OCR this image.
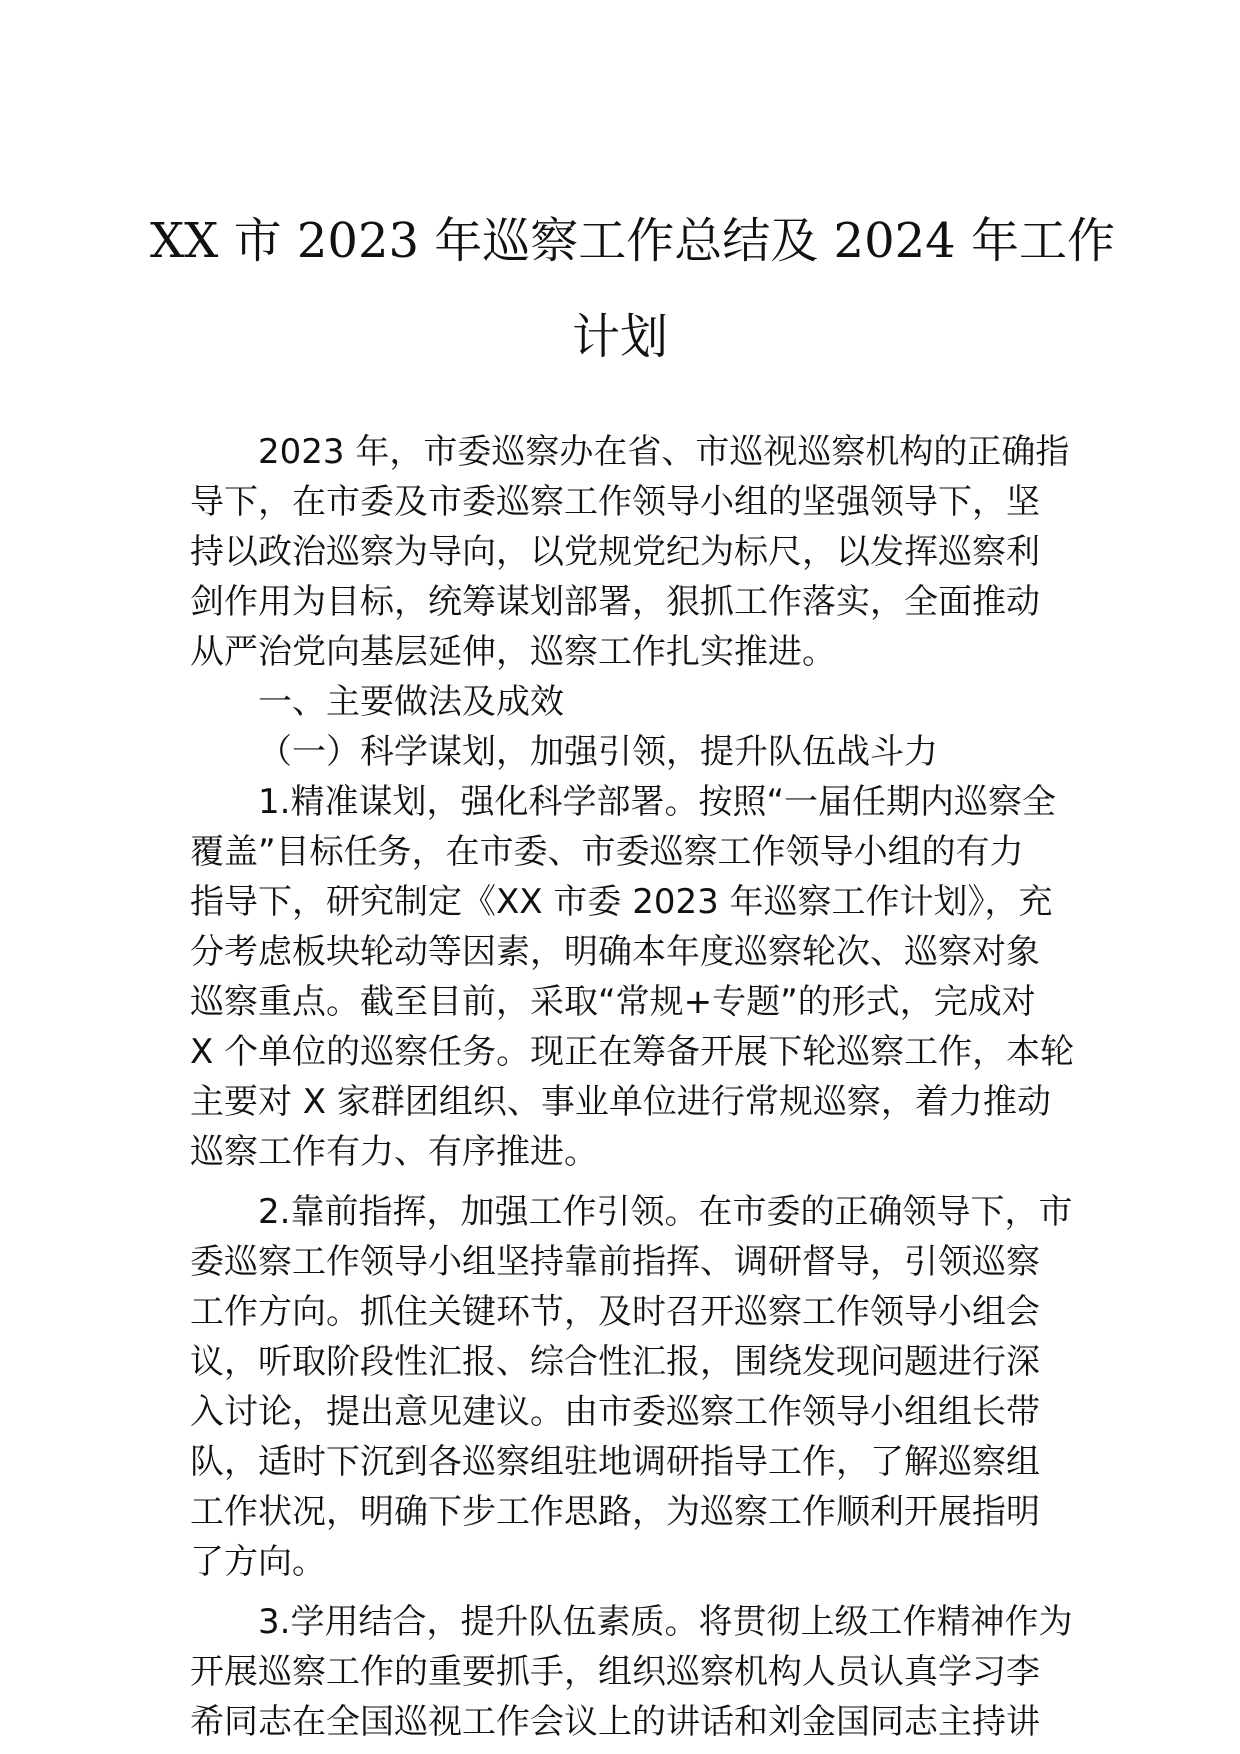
XX 市 2023 年巡察工作总结及 2024 年工作
计划
2023 年，市委巡察办在省、市巡视巡察机构的正确指
导下，在市委及市委巡察工作领导小组的坚强领导下，坚
持以政治巡察为导向，以党规党纪为标尺，以发挥巡察利
剑作用为目标，统筹谋划部署，狠抓工作落实，全面推动
从严治党向基层延伸，巡察工作扎实推进。
一、主要做法及成效
（一）科学谋划，加强引领，提升队伍战斗力
1.精准谋划，强化科学部署。按照“一届任期内巡察全
覆盖”目标任务，在市委、市委巡察工作领导小组的有力
指导下，研究制定《XX 市委 2023 年巡察工作计划》，充
分考虑板块轮动等因素，明确本年度巡察轮次、巡察对象
巡察重点。截至目前，采取“常规+专题”的形式，完成对
X 个单位的巡察任务。现正在筹备开展下轮巡察工作，本轮
主要对 X 家群团组织、事业单位进行常规巡察，着力推动
巡察工作有力、有序推进。
2.靠前指挥，加强工作引领。在市委的正确领导下，市
委巡察工作领导小组坚持靠前指挥、调研督导，引领巡察
工作方向。抓住关键环节，及时召开巡察工作领导小组会
议，听取阶段性汇报、综合性汇报，围绕发现问题进行深
入讨论，提出意见建议。由市委巡察工作领导小组组长带
队，适时下沉到各巡察组驻地调研指导工作，了解巡察组
工作状况，明确下步工作思路，为巡察工作顺利开展指明
了方向。
3.学用结合，提升队伍素质。将贯彻上级工作精神作为
开展巡察工作的重要抓手，组织巡察机构人员认真学习李
希同志在全国巡视工作会议上的讲话和刘金国同志主持讲
